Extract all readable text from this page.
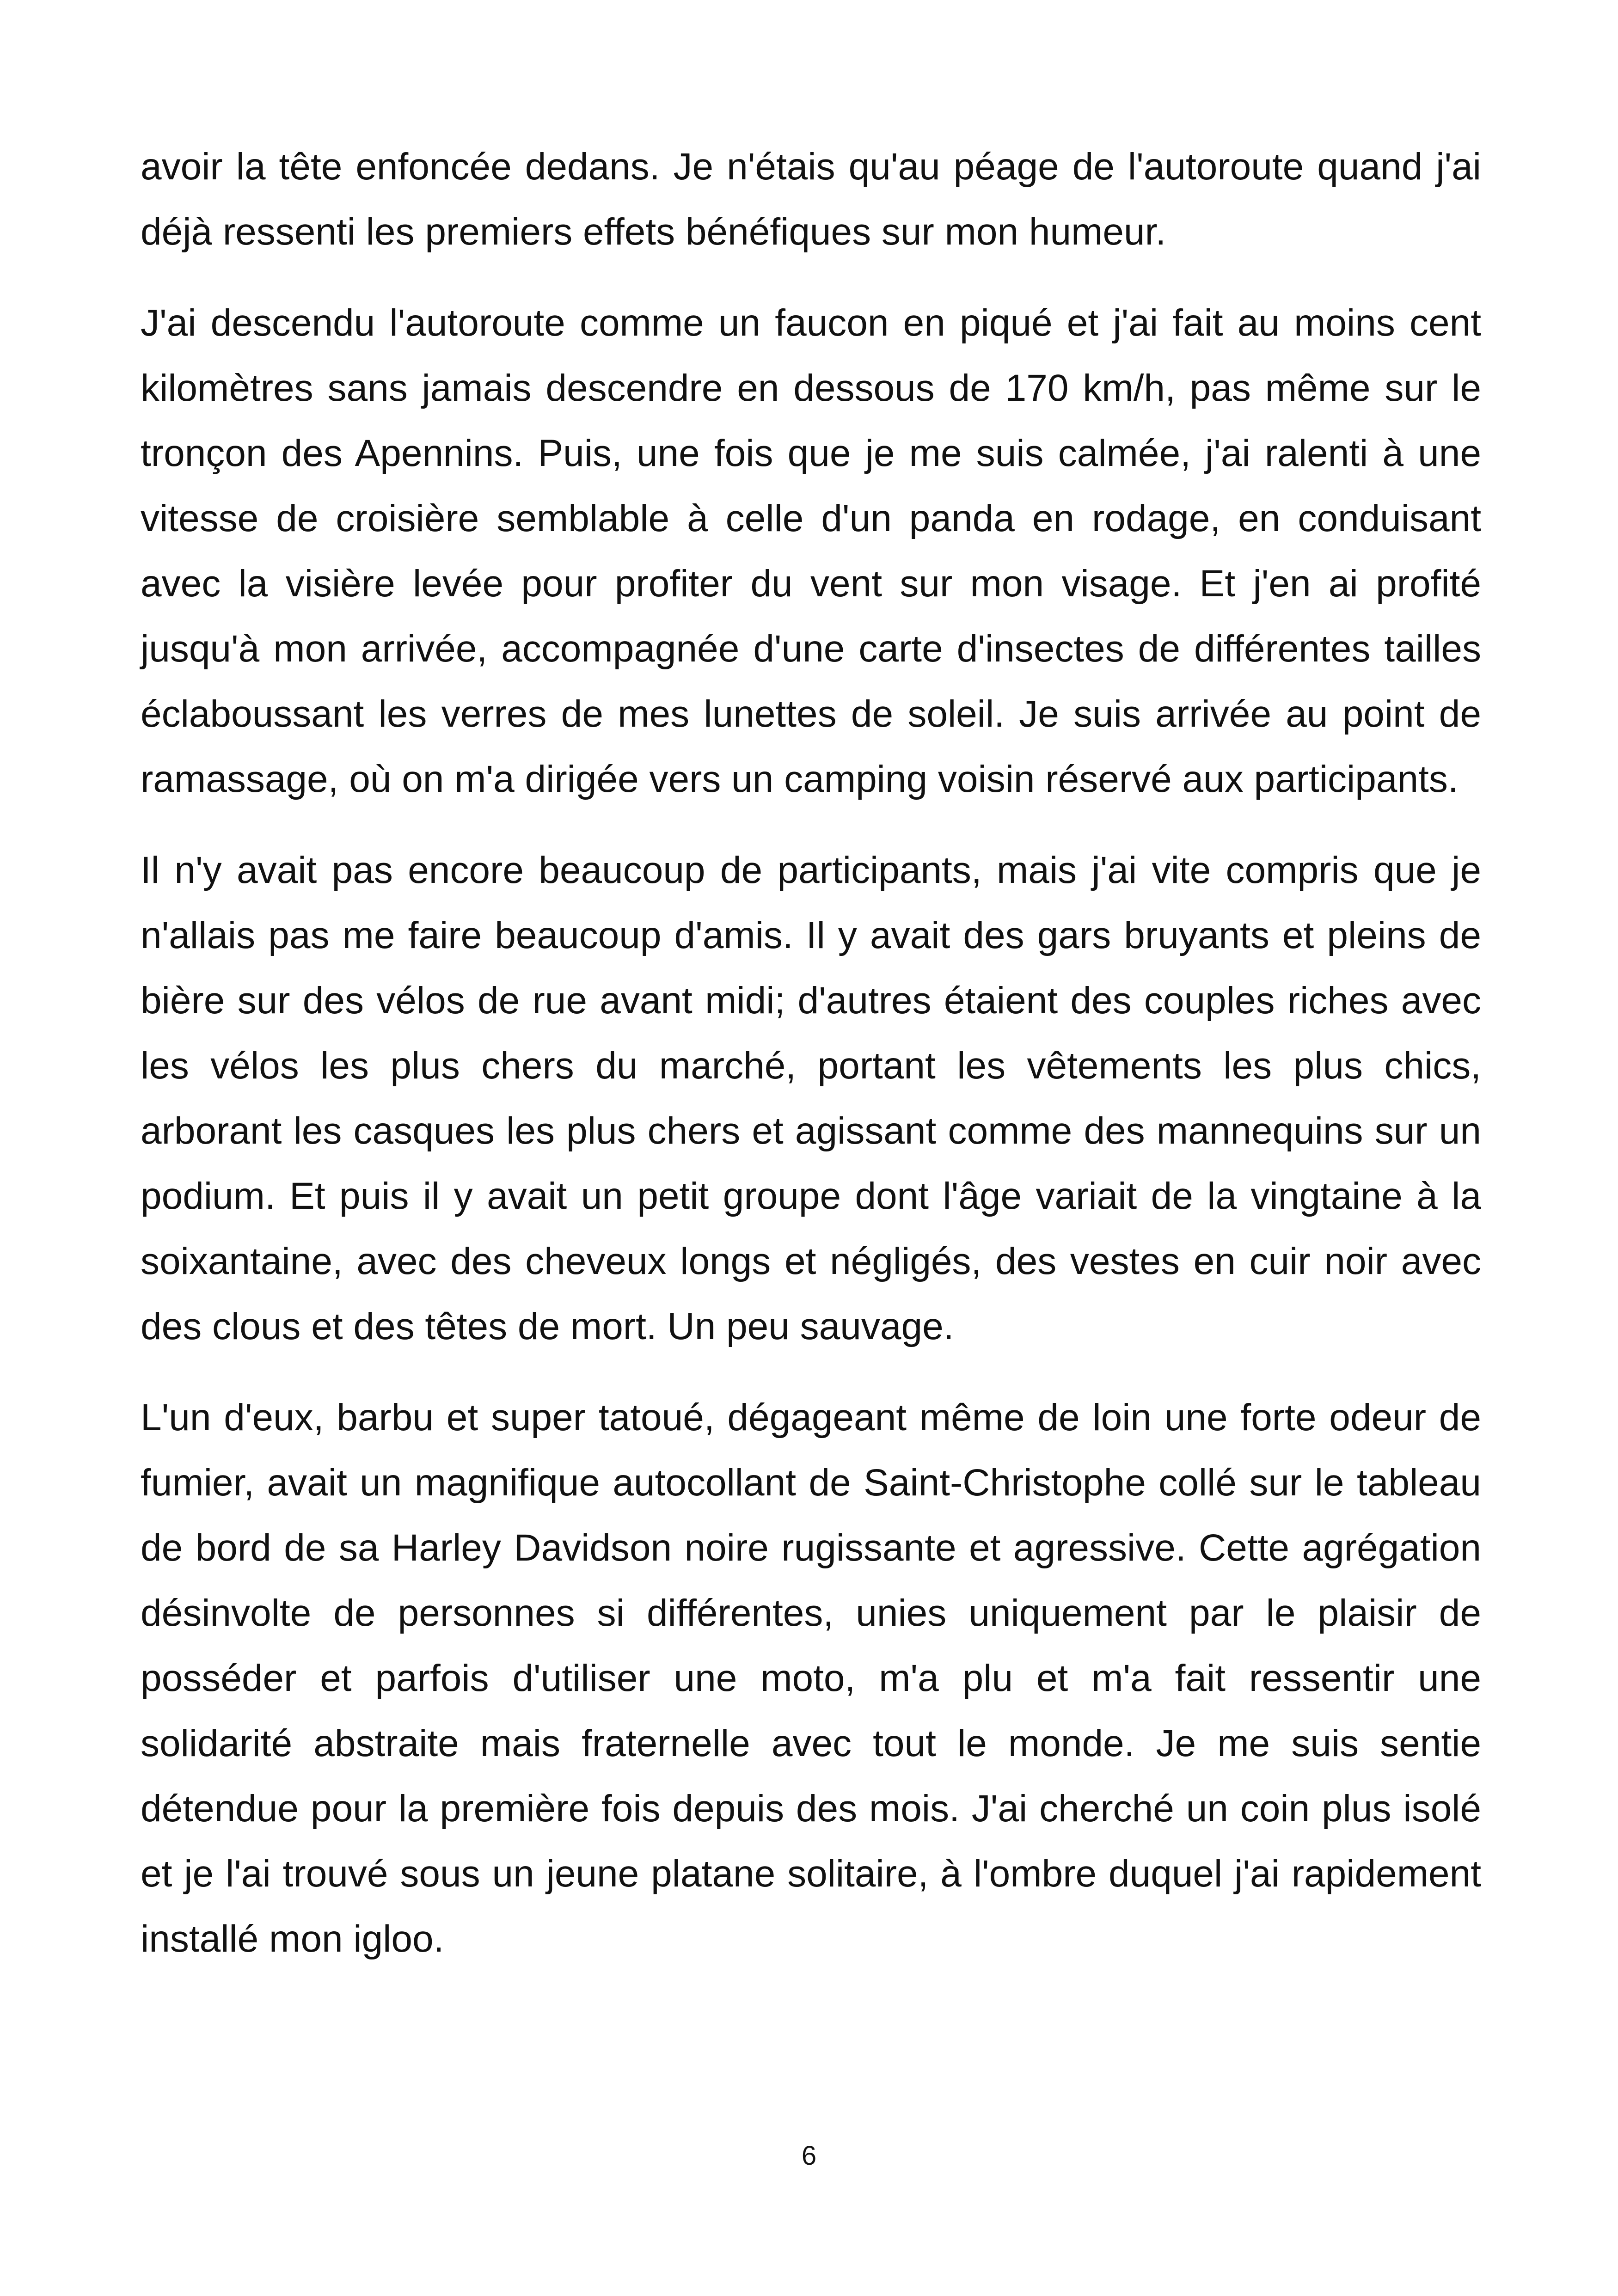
avoir la tête enfoncée dedans. Je n'étais qu'au péage de l'autoroute quand j'ai déjà ressenti les premiers effets bénéfiques sur mon humeur.

J'ai descendu l'autoroute comme un faucon en piqué et j'ai fait au moins cent kilomètres sans jamais descendre en dessous de 170 km/h, pas même sur le tronçon des Apennins. Puis, une fois que je me suis calmée, j'ai ralenti à une vitesse de croisière semblable à celle d'un panda en rodage, en conduisant avec la visière levée pour profiter du vent sur mon visage. Et j'en ai profité jusqu'à mon arrivée, accompagnée d'une carte d'insectes de différentes tailles éclaboussant les verres de mes lunettes de soleil. Je suis arrivée au point de ramassage, où on m'a dirigée vers un camping voisin réservé aux participants.

Il n'y avait pas encore beaucoup de participants, mais j'ai vite compris que je n'allais pas me faire beaucoup d'amis. Il y avait des gars bruyants et pleins de bière sur des vélos de rue avant midi; d'autres étaient des couples riches avec les vélos les plus chers du marché, portant les vêtements les plus chics, arborant les casques les plus chers et agissant comme des mannequins sur un podium. Et puis il y avait un petit groupe dont l'âge variait de la vingtaine à la soixantaine, avec des cheveux longs et négligés, des vestes en cuir noir avec des clous et des têtes de mort. Un peu sauvage.

L'un d'eux, barbu et super tatoué, dégageant même de loin une forte odeur de fumier, avait un magnifique autocollant de Saint-Christophe collé sur le tableau de bord de sa Harley Davidson noire rugissante et agressive. Cette agrégation désinvolte de personnes si différentes, unies uniquement par le plaisir de posséder et parfois d'utiliser une moto, m'a plu et m'a fait ressentir une solidarité abstraite mais fraternelle avec tout le monde. Je me suis sentie détendue pour la première fois depuis des mois. J'ai cherché un coin plus isolé et je l'ai trouvé sous un jeune platane solitaire, à l'ombre duquel j'ai rapidement installé mon igloo.

6
